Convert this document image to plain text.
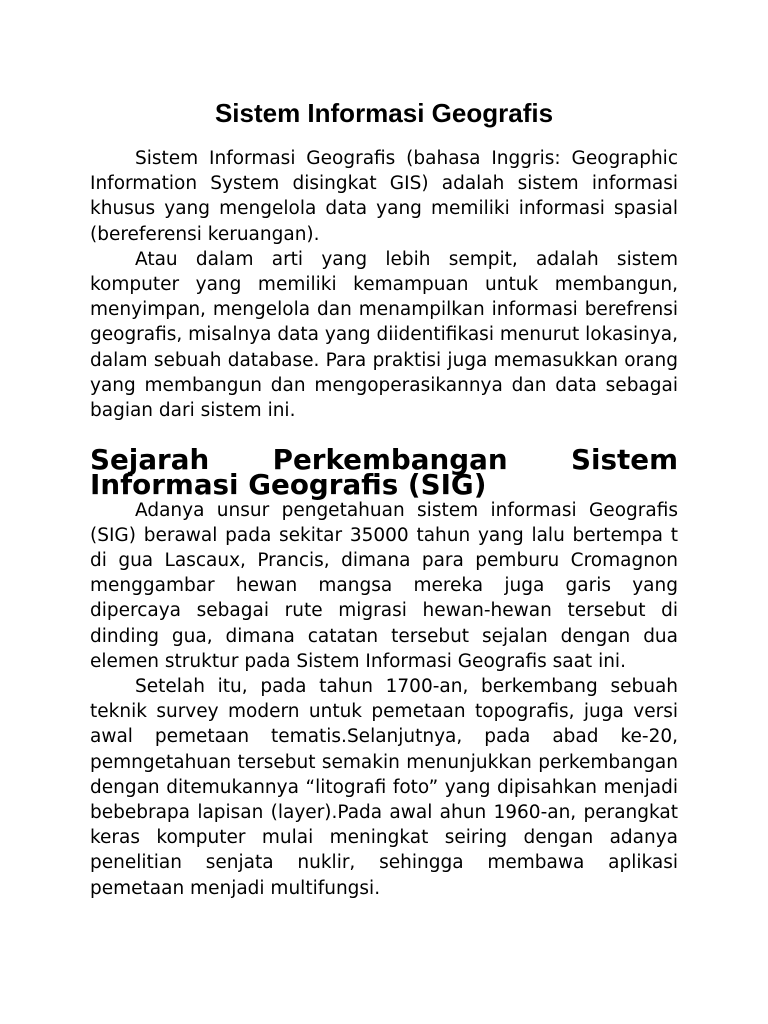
Sistem Informasi Geografis

Sistem Informasi Geografis (bahasa Inggris: Geographic Information System disingkat GIS) adalah sistem informasi khusus yang mengelola data yang memiliki informasi spasial (bereferensi keruangan).

Atau dalam arti yang lebih sempit, adalah sistem komputer yang memiliki kemampuan untuk membangun, menyimpan, mengelola dan menampilkan informasi berefrensi geografis, misalnya data yang diidentifikasi menurut lokasinya, dalam sebuah database. Para praktisi juga memasukkan orang yang membangun dan mengoperasikannya dan data sebagai bagian dari sistem ini.

Sejarah Perkembangan Sistem Informasi Geografis (SIG)

Adanya unsur pengetahuan sistem informasi Geografis (SIG) berawal pada sekitar 35000 tahun yang lalu bertempa t di gua Lascaux, Prancis, dimana para pemburu Cromagnon menggambar hewan mangsa mereka juga garis yang dipercaya sebagai rute migrasi hewan-hewan tersebut di dinding gua, dimana catatan tersebut sejalan dengan dua elemen struktur pada Sistem Informasi Geografis saat ini.

Setelah itu, pada tahun 1700-an, berkembang sebuah teknik survey modern untuk pemetaan topografis, juga versi awal pemetaan tematis.Selanjutnya, pada abad ke-20, pemngetahuan tersebut semakin menunjukkan perkembangan dengan ditemukannya “litografi foto” yang dipisahkan menjadi bebebrapa lapisan (layer).Pada awal ahun 1960-an, perangkat keras komputer mulai meningkat seiring dengan adanya penelitian senjata nuklir, sehingga membawa aplikasi pemetaan menjadi multifungsi.
